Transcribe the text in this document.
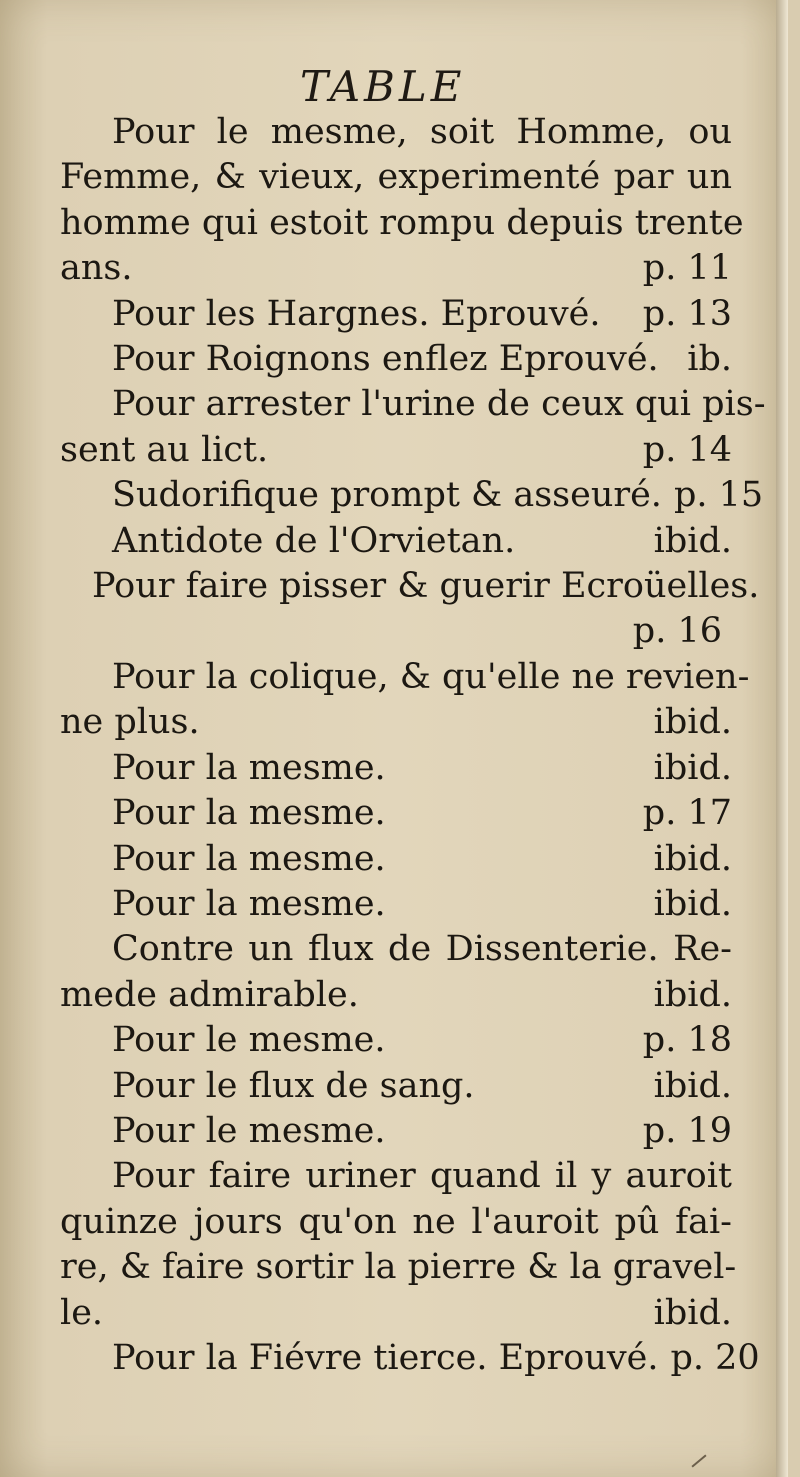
TABLE
Pour le mesme, soit Homme, ou
Femme, & vieux, experimenté par un
homme qui estoit rompu depuis trente
ans.	p. 11
Pour les Hargnes. Eprouvé.	p. 13
Pour Roignons enflez Eprouvé. ib.
Pour arrester l'urine de ceux qui pis-
sent au lict.	p. 14
Sudorifique prompt & asseuré. p. 15
Antidote de l'Orvietan.	ibid.
Pour faire pisser & guerir Ecroüelles.
p. 16
Pour la colique, & qu'elle ne revien-
ne plus.	ibid.
Pour la mesme.	ibid.
Pour la mesme.	p. 17
Pour la mesme.	ibid.
Pour la mesme.	ibid.
Contre un flux de Dissenterie. Re-
mede admirable.	ibid.
Pour le mesme.	p. 18
Pour le flux de sang.	ibid.
Pour le mesme.	p. 19
Pour faire uriner quand il y auroit
quinze jours qu'on ne l'auroit pû fai-
re, & faire sortir la pierre & la gravel-
le.	ibid.
Pour la Fiévre tierce. Eprouvé. p. 20
